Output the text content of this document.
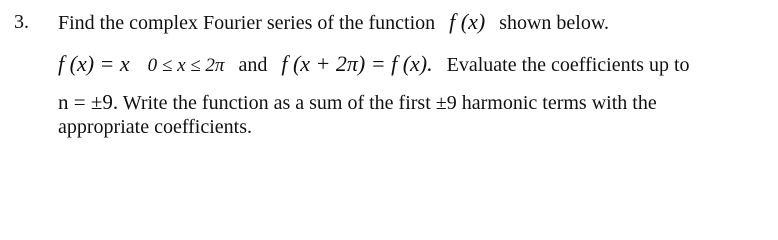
3. Find the complex Fourier series of the function f (x) shown below.
f (x) = x 0 ≤ x ≤ 2π and f (x + 2π) = f (x). Evaluate the coefficients up to
n = ±9. Write the function as a sum of the first ±9 harmonic terms with the
appropriate coefficients.
